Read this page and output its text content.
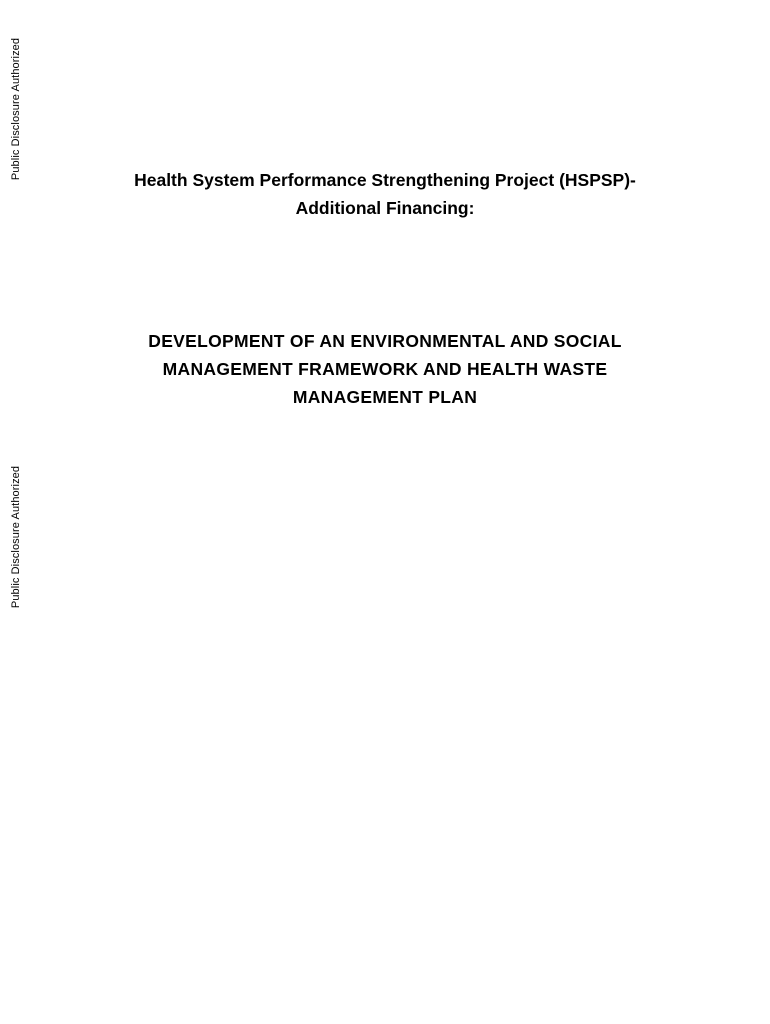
Public Disclosure Authorized
Public Disclosure Authorized
Health System Performance Strengthening Project (HSPSP)-
Additional Financing:
DEVELOPMENT OF AN ENVIRONMENTAL AND SOCIAL
MANAGEMENT FRAMEWORK AND HEALTH WASTE
MANAGEMENT PLAN
